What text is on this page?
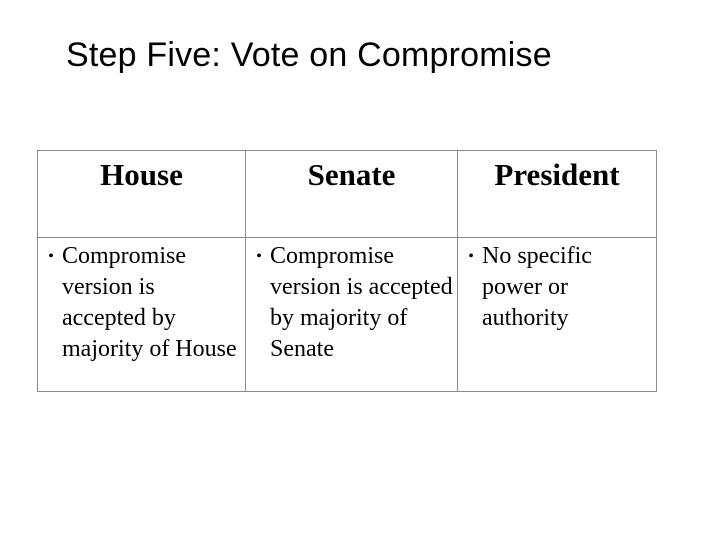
Step Five: Vote on Compromise
House	Senate	President

• Compromise version is accepted by majority of House	• Compromise version is accepted by majority of Senate	• No specific power or authority
